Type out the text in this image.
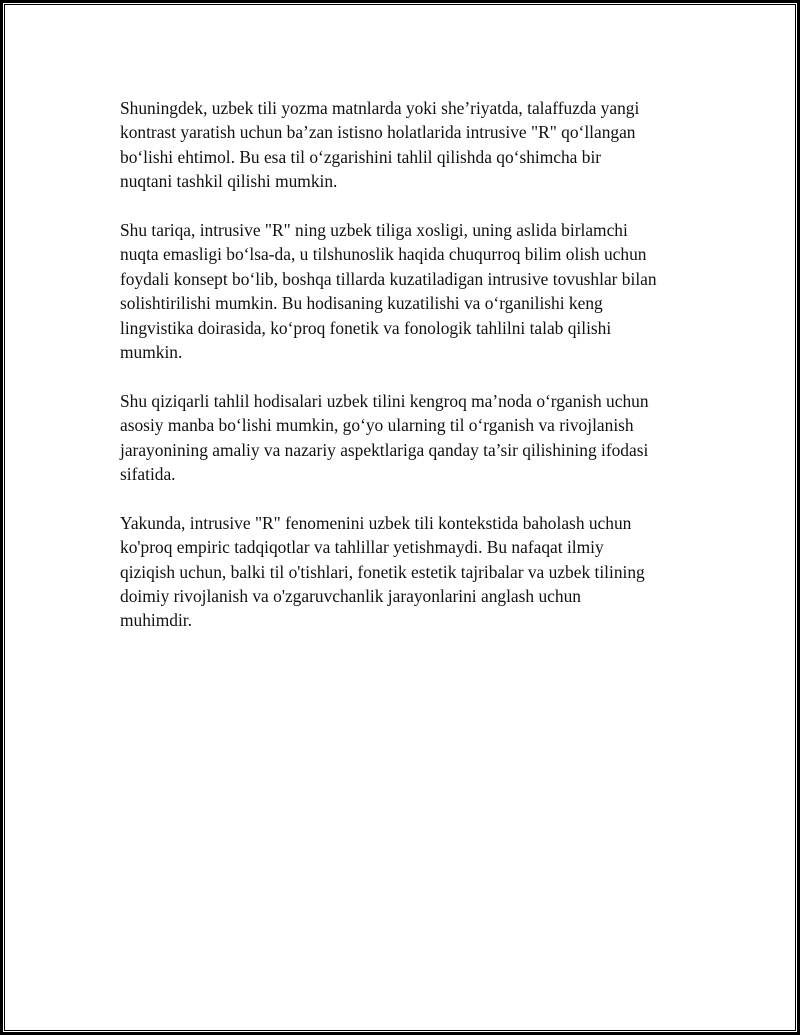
Shuningdek, uzbek tili yozma matnlarda yoki she’riyatda, talaffuzda yangi
kontrast yaratish uchun ba’zan istisno holatlarida intrusive "R" qo‘llangan
bo‘lishi ehtimol. Bu esa til o‘zgarishini tahlil qilishda qo‘shimcha bir
nuqtani tashkil qilishi mumkin.

Shu tariqa, intrusive "R" ning uzbek tiliga xosligi, uning aslida birlamchi
nuqta emasligi bo‘lsa-da, u tilshunoslik haqida chuqurroq bilim olish uchun
foydali konsept bo‘lib, boshqa tillarda kuzatiladigan intrusive tovushlar bilan
solishtirilishi mumkin. Bu hodisaning kuzatilishi va o‘rganilishi keng
lingvistika doirasida, ko‘proq fonetik va fonologik tahlilni talab qilishi
mumkin.

Shu qiziqarli tahlil hodisalari uzbek tilini kengroq ma’noda o‘rganish uchun
asosiy manba bo‘lishi mumkin, go‘yo ularning til o‘rganish va rivojlanish
jarayonining amaliy va nazariy aspektlariga qanday ta’sir qilishining ifodasi
sifatida.

Yakunda, intrusive "R" fenomenini uzbek tili kontekstida baholash uchun
ko'proq empiric tadqiqotlar va tahlillar yetishmaydi. Bu nafaqat ilmiy
qiziqish uchun, balki til o'tishlari, fonetik estetik tajribalar va uzbek tilining
doimiy rivojlanish va o'zgaruvchanlik jarayonlarini anglash uchun
muhimdir.
